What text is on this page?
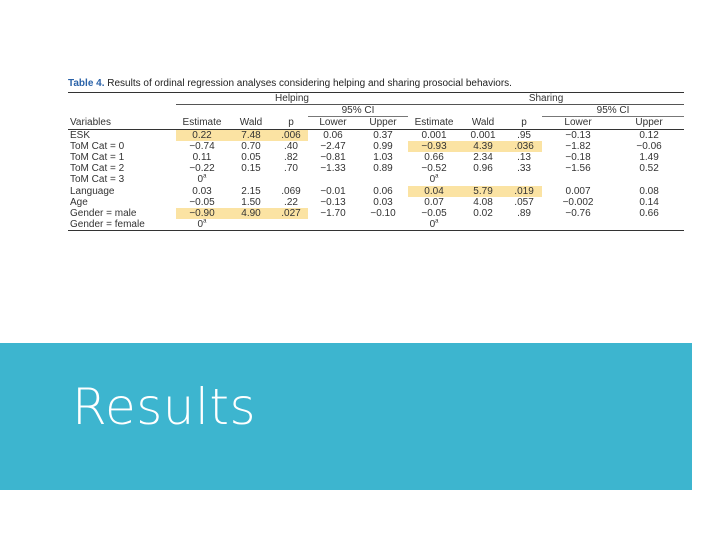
Table 4. Results of ordinal regression analyses considering helping and sharing prosocial behaviors.
	Helping					Sharing				
				95% CI					95% CI	
Variables	Estimate	Wald	p	Lower	Upper	Estimate	Wald	p	Lower	Upper
ESK	0.22	7.48	.006	0.06	0.37	0.001	0.001	.95	−0.13	0.12
ToM Cat = 0	−0.74	0.70	.40	−2.47	0.99	−0.93	4.39	.036	−1.82	−0.06
ToM Cat = 1	0.11	0.05	.82	−0.81	1.03	0.66	2.34	.13	−0.18	1.49
ToM Cat = 2	−0.22	0.15	.70	−1.33	0.89	−0.52	0.96	.33	−1.56	0.52
ToM Cat = 3	0$^a$					0$^a$				
Language	0.03	2.15	.069	−0.01	0.06	0.04	5.79	.019	0.007	0.08
Age	−0.05	1.50	.22	−0.13	0.03	0.07	4.08	.057	−0.002	0.14
Gender = male	−0.90	4.90	.027	−1.70	−0.10	−0.05	0.02	.89	−0.76	0.66
Gender = female	0$^a$					0$^a$				
Results
